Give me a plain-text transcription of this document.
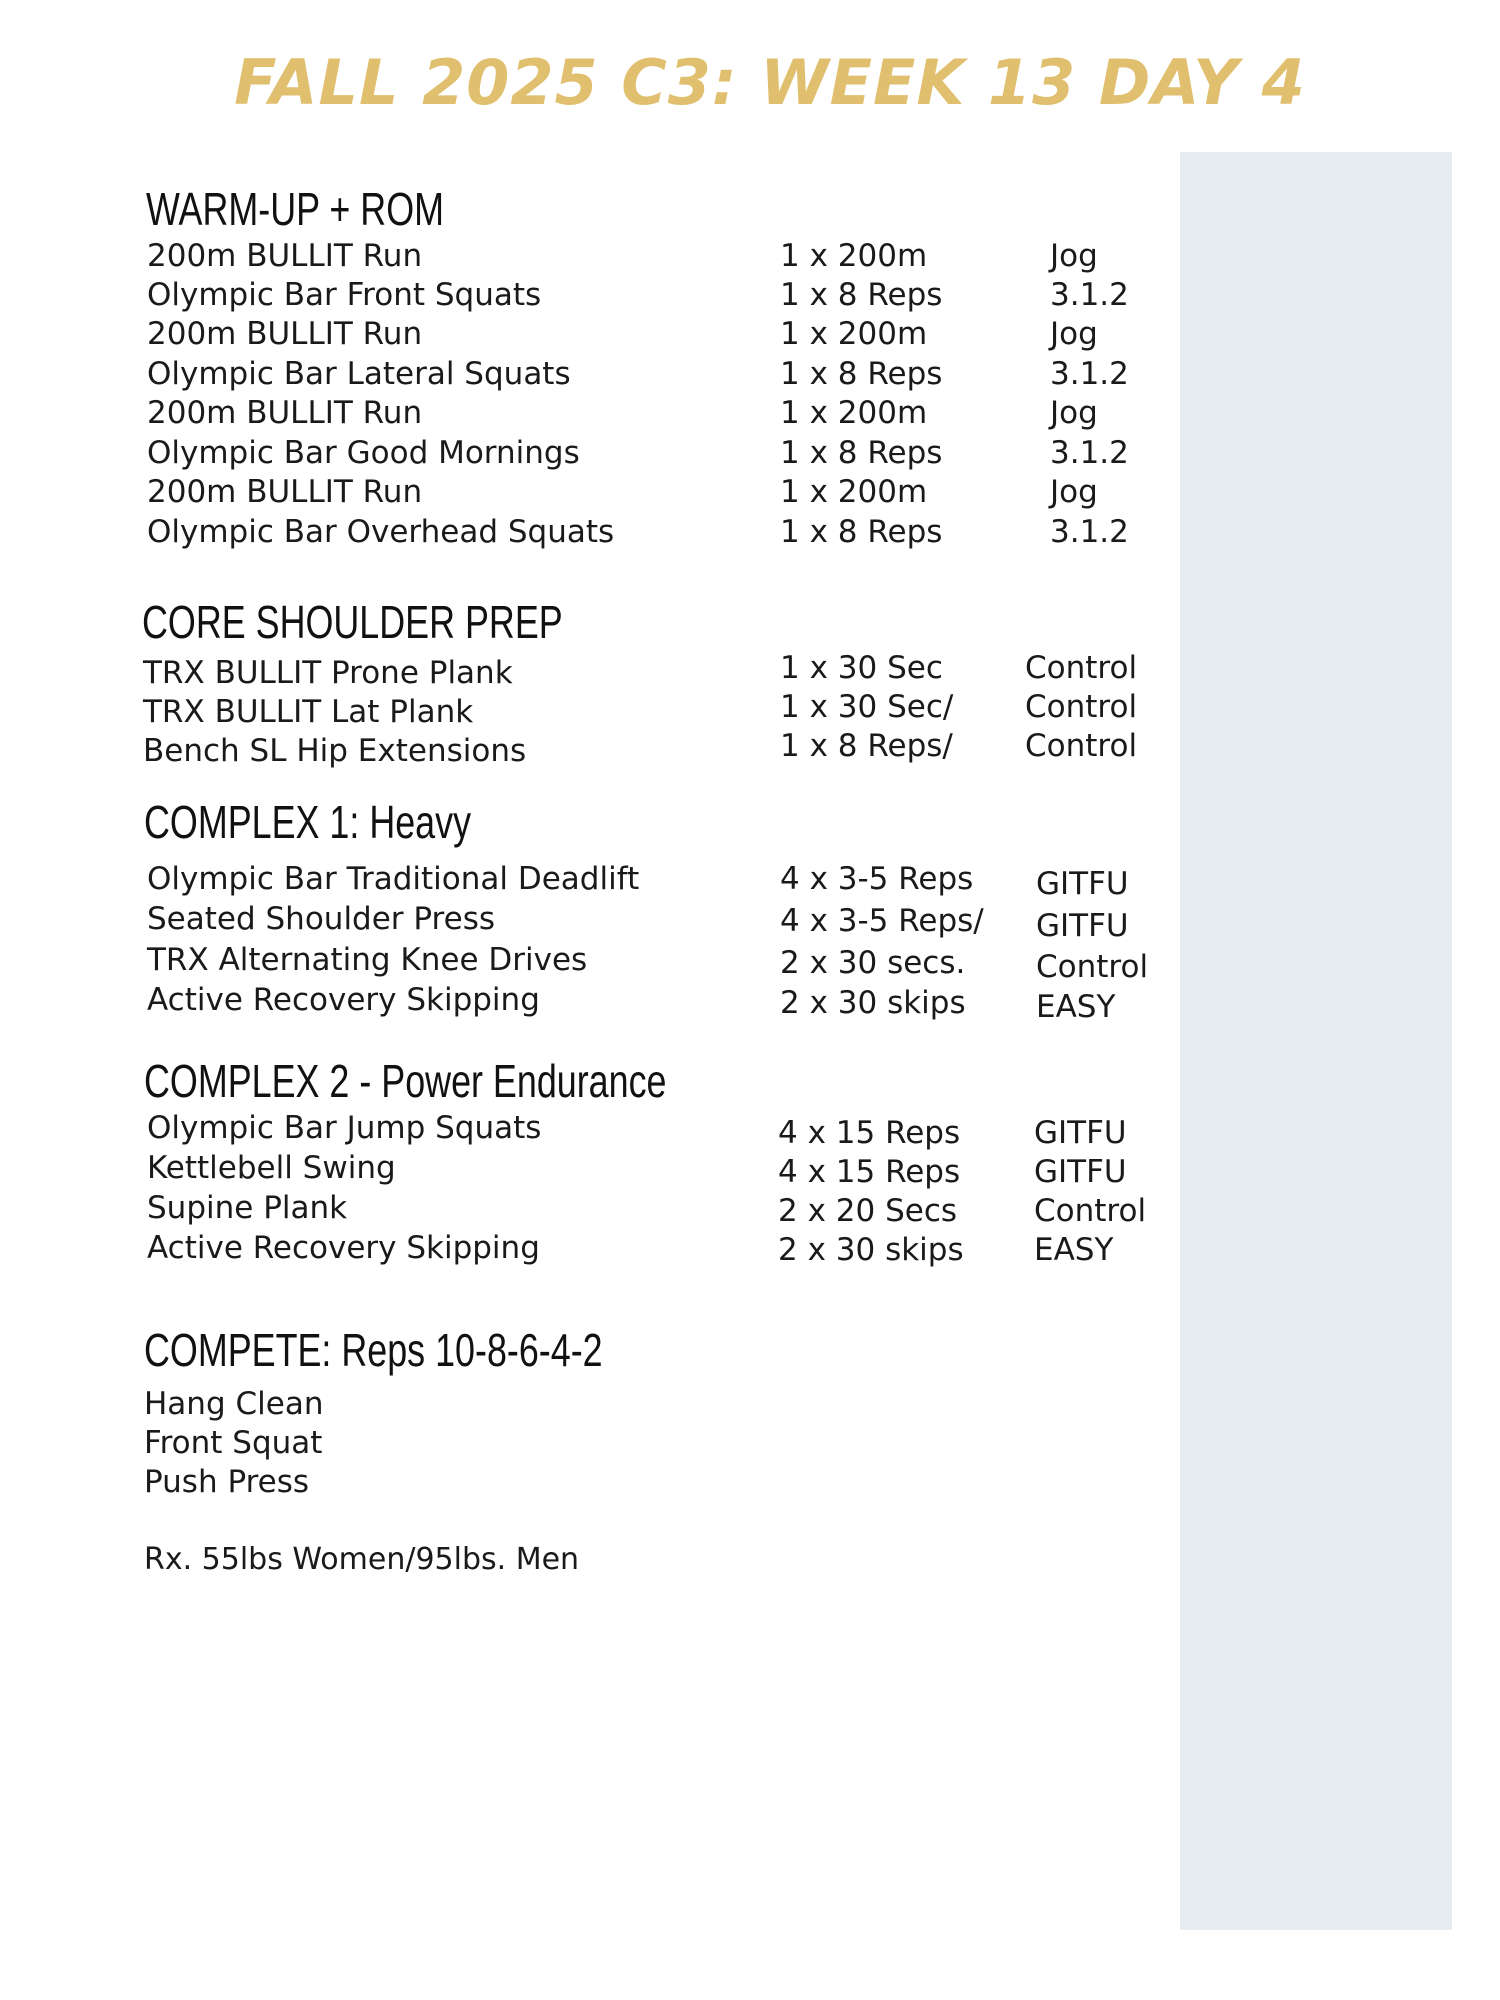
FALL 2025 C3: WEEK 13 DAY 4
WARM-UP + ROM
200m BULLIT Run	1 x 200m	Jog
Olympic Bar Front Squats	1 x 8 Reps	3.1.2
200m BULLIT Run	1 x 200m	Jog
Olympic Bar Lateral Squats	1 x 8 Reps	3.1.2
200m BULLIT Run	1 x 200m	Jog
Olympic Bar Good Mornings	1 x 8 Reps	3.1.2
200m BULLIT Run	1 x 200m	Jog
Olympic Bar Overhead Squats	1 x 8 Reps	3.1.2
CORE SHOULDER PREP
TRX BULLIT Prone Plank	1 x 30 Sec	Control
TRX BULLIT Lat Plank	1 x 30 Sec/ Control
Bench SL Hip Extensions	1 x 8 Reps/ Control
COMPLEX 1: Heavy
Olympic Bar Traditional Deadlift	4 x 3-5 Reps GITFU
Seated Shoulder Press	4 x 3-5 Reps/ GITFU
TRX Alternating Knee Drives	2 x 30 secs. Control
Active Recovery Skipping	2 x 30 skips EASY
COMPLEX 2 - Power Endurance
Olympic Bar Jump Squats	4 x 15 Reps GITFU
Kettlebell Swing	4 x 15 Reps GITFU
Supine Plank	2 x 20 Secs Control
Active Recovery Skipping	2 x 30 skips EASY
COMPETE: Reps 10-8-6-4-2
Hang Clean
Front Squat
Push Press
Rx. 55lbs Women/95lbs. Men
